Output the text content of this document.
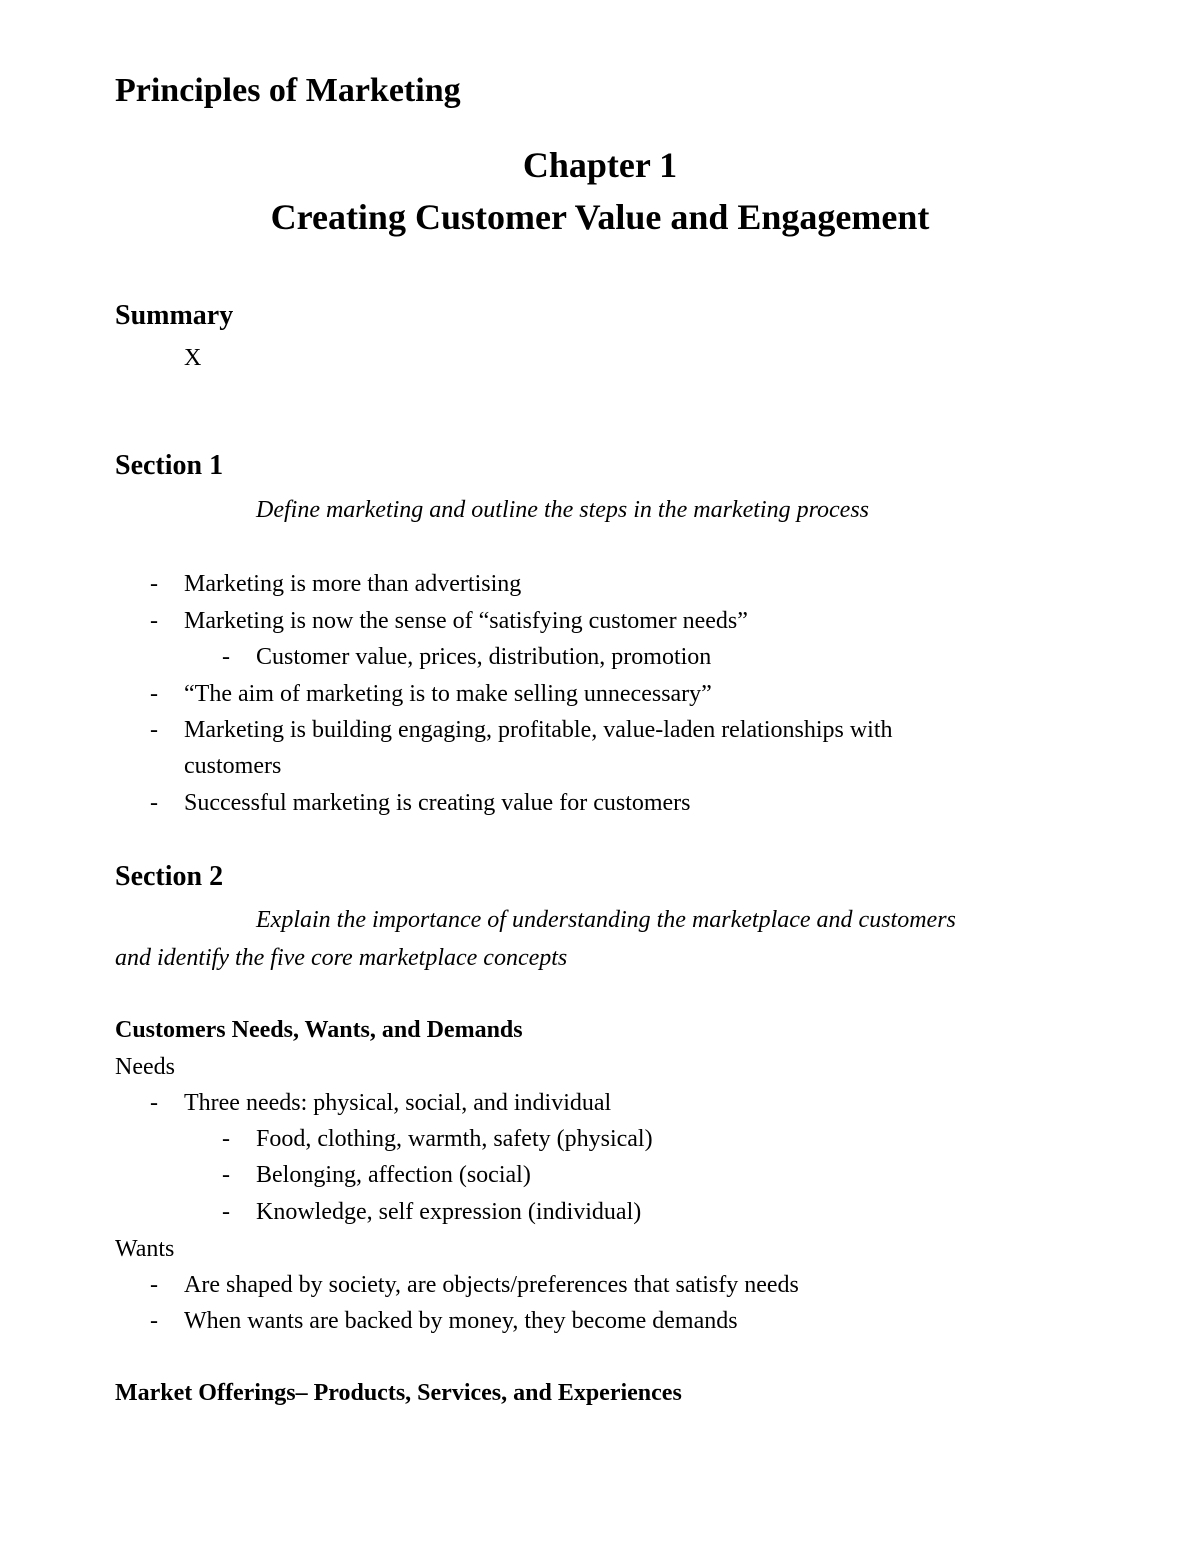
Principles of Marketing
Chapter 1
Creating Customer Value and Engagement
Summary
X
Section 1
Define marketing and outline the steps in the marketing process
- Marketing is more than advertising
- Marketing is now the sense of “satisfying customer needs”
- Customer value, prices, distribution, promotion
- “The aim of marketing is to make selling unnecessary”
- Marketing is building engaging, profitable, value-laden relationships with
customers
- Successful marketing is creating value for customers
Section 2
Explain the importance of understanding the marketplace and customers
and identify the five core marketplace concepts
Customers Needs, Wants, and Demands
Needs
- Three needs: physical, social, and individual
- Food, clothing, warmth, safety (physical)
- Belonging, affection (social)
- Knowledge, self expression (individual)
Wants
- Are shaped by society, are objects/preferences that satisfy needs
- When wants are backed by money, they become demands
Market Offerings– Products, Services, and Experiences
